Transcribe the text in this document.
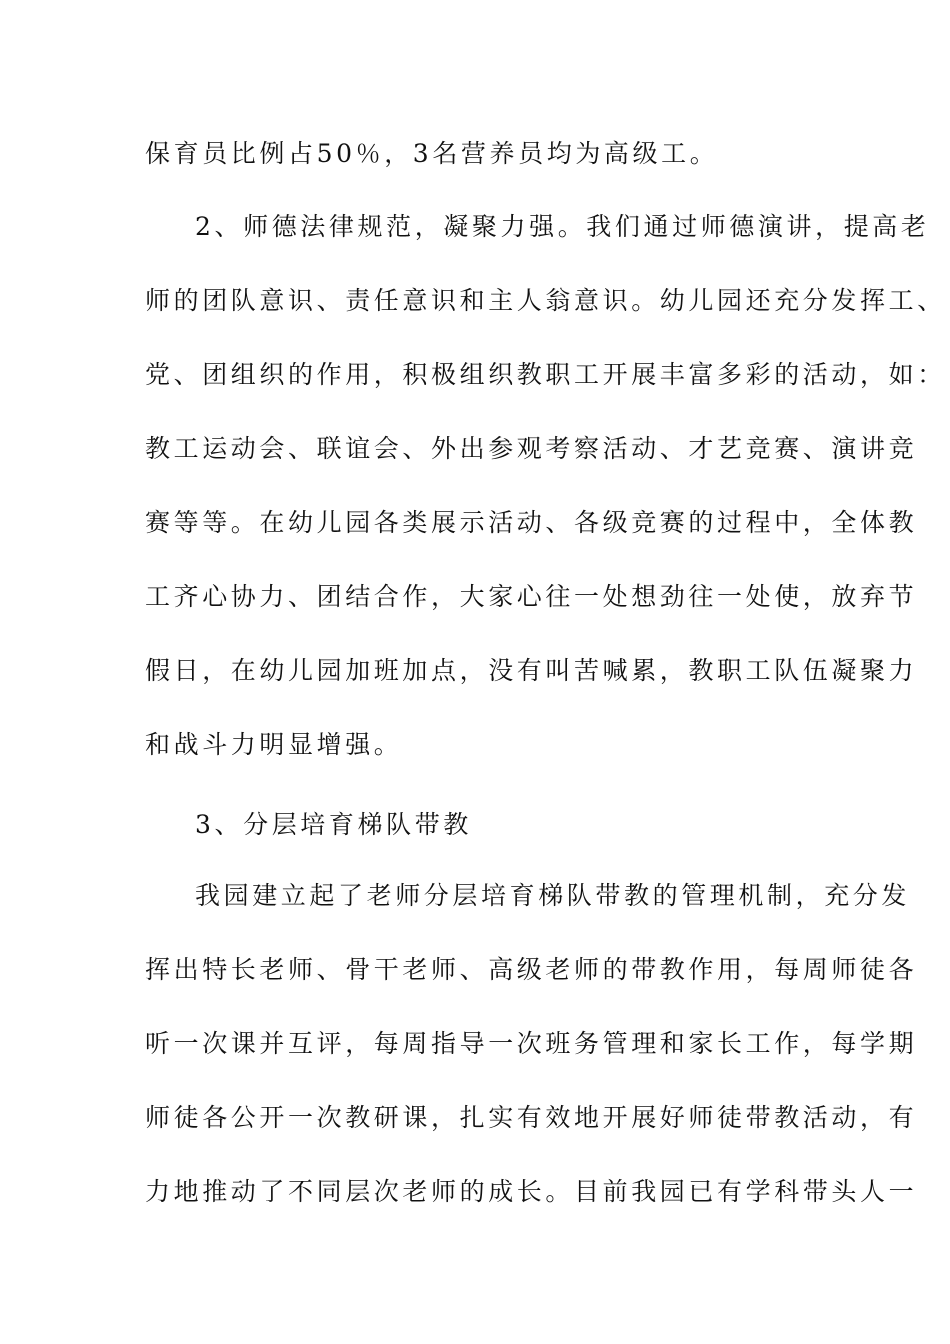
保育员比例占50％，3名营养员均为高级工。
2、师德法律规范，凝聚力强。我们通过师德演讲，提高老
师的团队意识、责任意识和主人翁意识。幼儿园还充分发挥工、
党、团组织的作用，积极组织教职工开展丰富多彩的活动，如：
教工运动会、联谊会、外出参观考察活动、才艺竞赛、演讲竞
赛等等。在幼儿园各类展示活动、各级竞赛的过程中，全体教
工齐心协力、团结合作，大家心往一处想劲往一处使，放弃节
假日，在幼儿园加班加点，没有叫苦喊累，教职工队伍凝聚力
和战斗力明显增强。
3、分层培育梯队带教
我园建立起了老师分层培育梯队带教的管理机制，充分发
挥出特长老师、骨干老师、高级老师的带教作用，每周师徒各
听一次课并互评，每周指导一次班务管理和家长工作，每学期
师徒各公开一次教研课，扎实有效地开展好师徒带教活动，有
力地推动了不同层次老师的成长。目前我园已有学科带头人一
